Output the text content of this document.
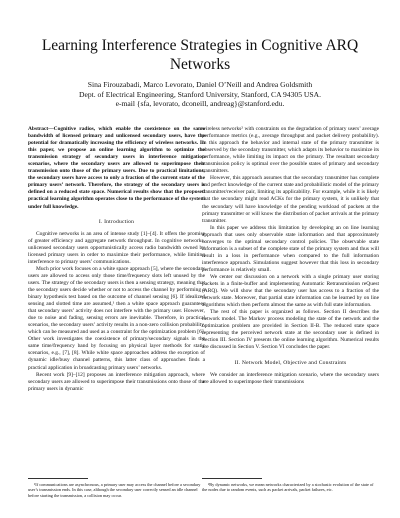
Learning Interference Strategies in Cognitive ARQ Networks
Sina Firouzabadi, Marco Levorato, Daniel O’Neill and Andrea Goldsmith
Dept. of Electrical Engineering, Stanford University, Stanford, CA 94305 USA.
e-mail {sfa, levorato, dconeill, andreag}@stanford.edu.

Abstract—Cognitive radios, which enable the coexistence on the same bandwidth of licensed primary and unlicensed secondary users, have the potential for dramatically increasing the efficiency of wireless networks. In this paper, we propose an online learning algorithm to optimize the transmission strategy of secondary users in interference mitigation scenarios, where the secondary users are allowed to superimpose their transmission onto those of the primary users. Due to practical limitations, the secondary users have access to only a fraction of the current state of the primary users’ network. Therefore, the strategy of the secondary users is defined on a reduced state space. Numerical results show that the proposed practical learning algorithm operates close to the performance of the system under full knowledge.

I. Introduction

Cognitive networks is an area of intense study [1]–[4]. It offers the promise of greater efficiency and aggregate network throughput. In cognitive networks, unlicensed secondary users opportunistically access radio bandwidth owned by licensed primary users in order to maximize their performance, while limiting interference to primary users’ communications.

Much prior work focuses on a white space approach [5], where the secondary users are allowed to access only those time/frequency slots left unused by the users. The strategy of the secondary users is then a sensing strategy, meaning that the secondary users decide whether or not to access the channel by performing a binary hypothesis test based on the outcome of channel sensing [6]. If idealized sensing and slotted time are assumed,¹ then a white space approach guarantees that secondary users’ activity does not interfere with the primary user. However, due to noise and fading, sensing errors are inevitable. Therefore, in practical scenarios, the secondary users’ activity results in a non-zero collision probability, which can be measured and used as a constraint for the optimization problem [6]. Other work investigates the coexistence of primary/secondary signals in the same time/frequency band by focusing on physical layer methods for static scenarios, e.g., [7], [8]. While white space approaches address the exception of dynamic idle/busy channel patterns, this latter class of approaches finds a practical application in broadcasting primary users’ networks.

Recent work [9]–[12] proposes an interference mitigation approach, where secondary users are allowed to superimpose their transmissions onto those of the primary users in dynamic

wireless networks² with constraints on the degradation of primary users’ average performance metrics (e.g., average throughput and packet delivery probability). In this approach the behavior and internal state of the primary transmitter is observed by the secondary transmitter, which adapts its behavior to maximize its performance, while limiting its impact on the primary. The resultant secondary transmission policy is optimal over the possible states of primary and secondary transmitters.

However, this approach assumes that the secondary transmitter has complete and perfect knowledge of the current state and probabilistic model of the primary transmitter/receiver pair, limiting its applicability. For example, while it is likely that the secondary might read ACKs for the primary system, it is unlikely that the secondary will have knowledge of the pending workload of packets at the primary transmitter or will know the distribution of packet arrivals at the primary transmitter.

In this paper we address this limitation by developing an on line learning approach that uses only observable state information and that approximately converges to the optimal secondary control policies. The observable state information is a subset of the complete state of the primary system and thus will result in a loss in performance when compared to the full information interference approach. Simulations suggest however that this loss in secondary performance is relatively small.

We center our discussion on a network with a single primary user storing packets in a finite-buffer and implementing Automatic Retransmission reQuest (ARQ). We will show that the secondary user has access to a fraction of the network state. Moreover, that partial state information can be learned by on line algorithms which then perform almost the same as with full state information.

The rest of this paper is organized as follows. Section II describes the network model. The Markov process modeling the state of the network and the optimization problem are provided in Section II-B. The reduced state space representing the perceived network state at the secondary user is defined in Section III. Section IV presents the online learning algorithm. Numerical results are discussed in Section V. Section VI concludes the paper.

II. Network Model, Objective and Constraints

We consider an interference mitigation scenario, where the secondary users are allowed to superimpose their transmissions

¹If communications are asynchronous, a primary user may access the channel before a secondary user’s transmission ends. In this case, although the secondary user correctly sensed an idle channel before starting the transmission, a collision may occur.

²By dynamic networks, we mean networks characterized by a stochastic evolution of the state of the nodes due to random events, such as packet arrivals, packet failures, etc.
